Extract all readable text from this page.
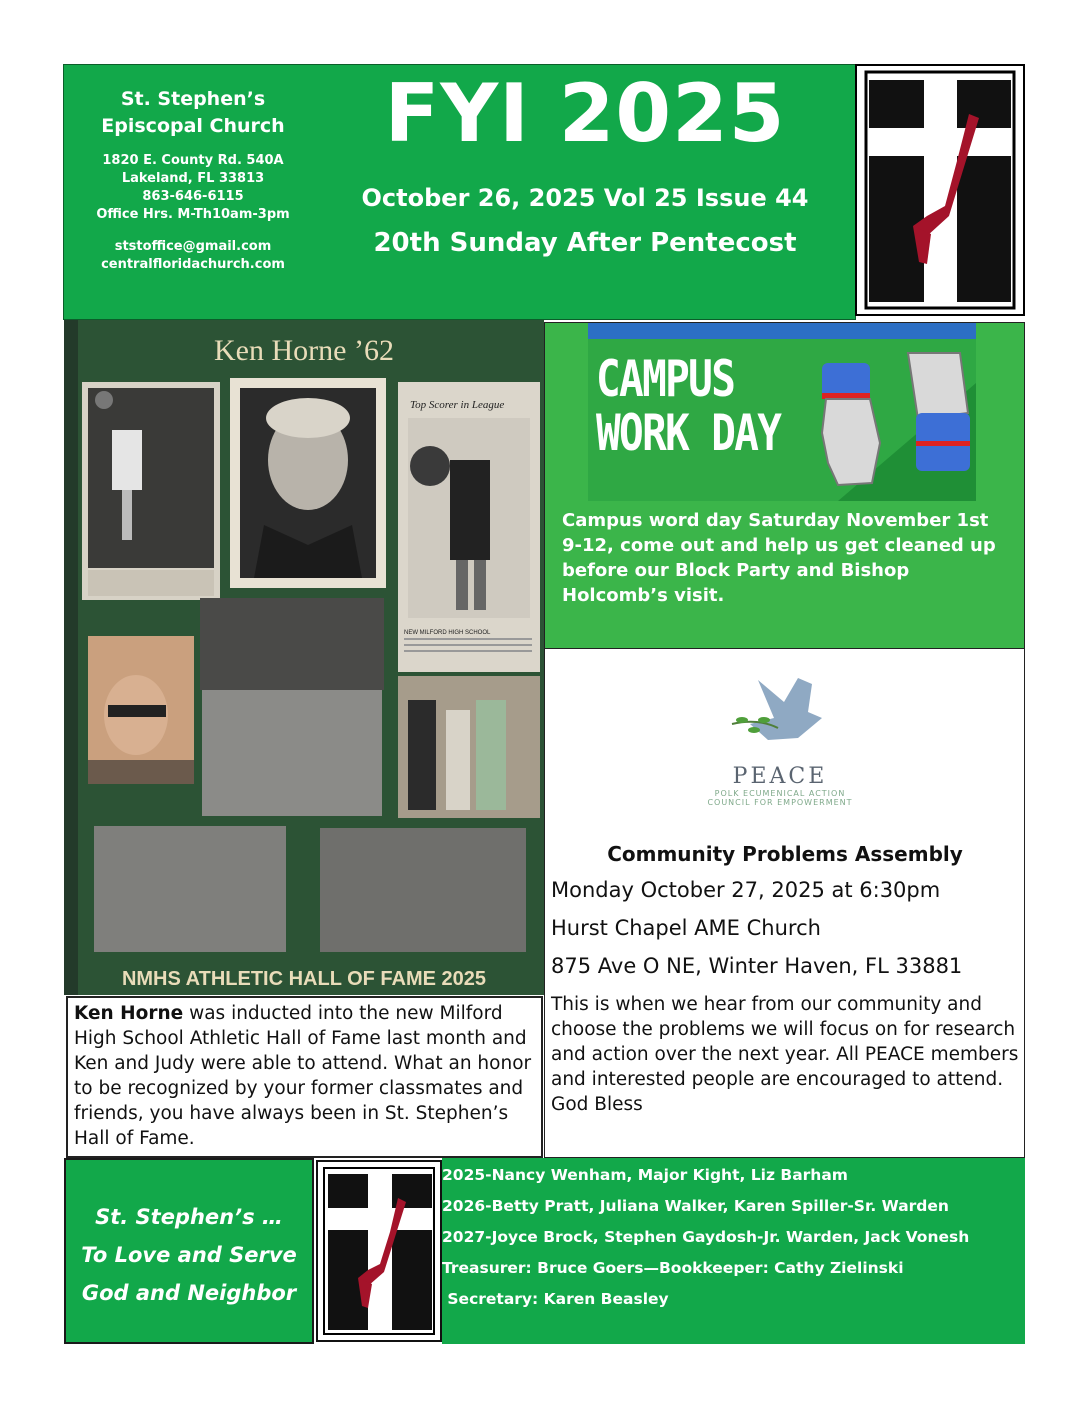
St. Stephen’s
Episcopal Church
1820 E. County Rd. 540A
Lakeland, FL 33813
863-646-6115
Office Hrs. M-Th10am-3pm
ststoffice@gmail.com
centralfloridachurch.com
FYI 2025
October 26, 2025 Vol 25 Issue 44
20th Sunday After Pentecost
Ken Horne ’62
Top Scorer in League
NEW MILFORD HIGH SCHOOL
NMHS ATHLETIC HALL OF FAME 2025
Ken Horne was inducted into the new Milford High School Athletic Hall of Fame last month and Ken and Judy were able to attend. What an honor to be recognized by your former classmates and friends, you have always been in St. Stephen’s Hall of Fame.
CAMPUS
WORK DAY
Campus word day Saturday November 1st 9-12, come out and help us get cleaned up before our Block Party and Bishop Holcomb’s visit.
PEACE
POLK ECUMENICAL ACTION
COUNCIL FOR EMPOWERMENT
Community Problems Assembly
Monday October 27, 2025 at 6:30pm
Hurst Chapel AME Church
875 Ave O NE, Winter Haven, FL 33881
This is when we hear from our community and choose the problems we will focus on for research and action over the next year. All PEACE members and interested people are encouraged to attend. God Bless
St. Stephen’s …
To Love and Serve
God and Neighbor
2025-Nancy Wenham, Major Kight, Liz Barham
2026-Betty Pratt, Juliana Walker, Karen Spiller-Sr. Warden
2027-Joyce Brock, Stephen Gaydosh-Jr. Warden, Jack Vonesh
Treasurer: Bruce Goers—Bookkeeper: Cathy Zielinski
Secretary: Karen Beasley
